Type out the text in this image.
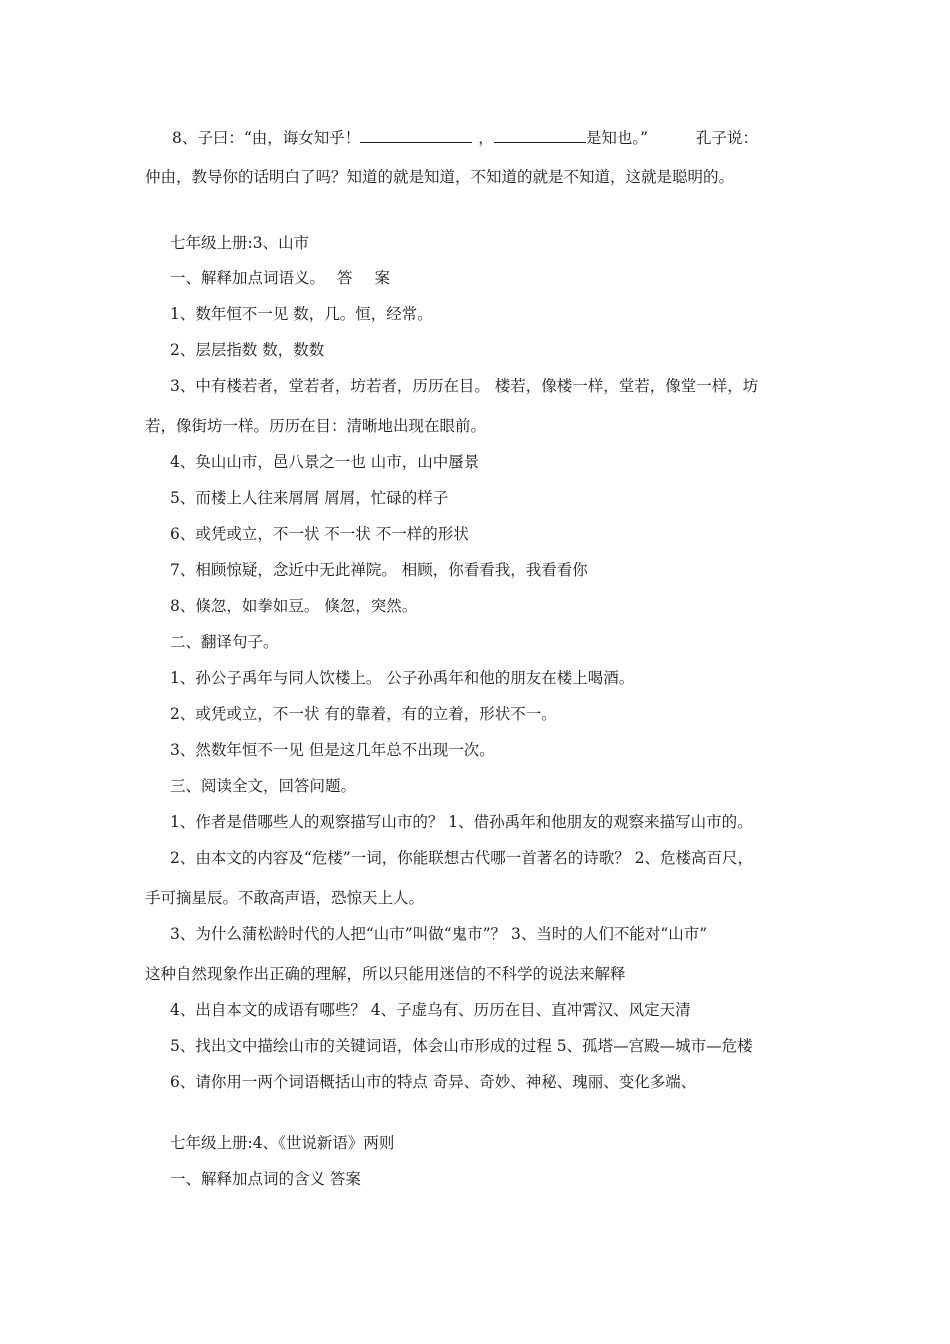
8、子曰：“由，诲女知乎！	，	是知也。”	孔子说：
仲由，教导你的话明白了吗？知道的就是知道，不知道的就是不知道，这就是聪明的。
七年级上册:3、山市
一、解释加点词语义。 答 案
1、数年恒不一见 数，几。恒，经常。
2、层层指数 数，数数
3、中有楼若者，堂若者，坊若者，历历在目。 楼若，像楼一样，堂若，像堂一样，坊
若，像街坊一样。历历在目：清晰地出现在眼前。
4、奂山山市，邑八景之一也 山市，山中蜃景
5、而楼上人往来屑屑 屑屑，忙碌的样子
6、或凭或立，不一状 不一状 不一样的形状
7、相顾惊疑，念近中无此禅院。 相顾，你看看我，我看看你
8、倏忽，如拳如豆。 倏忽，突然。
二、翻译句子。
1、孙公子禹年与同人饮楼上。 公子孙禹年和他的朋友在楼上喝酒。
2、或凭或立，不一状 有的靠着，有的立着，形状不一。
3、然数年恒不一见 但是这几年总不出现一次。
三、阅读全文，回答问题。
1、作者是借哪些人的观察描写山市的？ 1、借孙禹年和他朋友的观察来描写山市的。
2、由本文的内容及“危楼”一词，你能联想古代哪一首著名的诗歌？ 2、危楼高百尺，
手可摘星辰。不敢高声语，恐惊天上人。
3、为什么蒲松龄时代的人把“山市”叫做“鬼市”？ 3、当时的人们不能对“山市”
这种自然现象作出正确的理解，所以只能用迷信的不科学的说法来解释
4、出自本文的成语有哪些？ 4、子虚乌有、历历在目、直冲霄汉、风定天清
5、找出文中描绘山市的关键词语，体会山市形成的过程 5、孤塔—宫殿—城市—危楼
6、请你用一两个词语概括山市的特点 奇异、奇妙、神秘、瑰丽、变化多端、
七年级上册:4、《世说新语》两则
一、解释加点词的含义 答案
